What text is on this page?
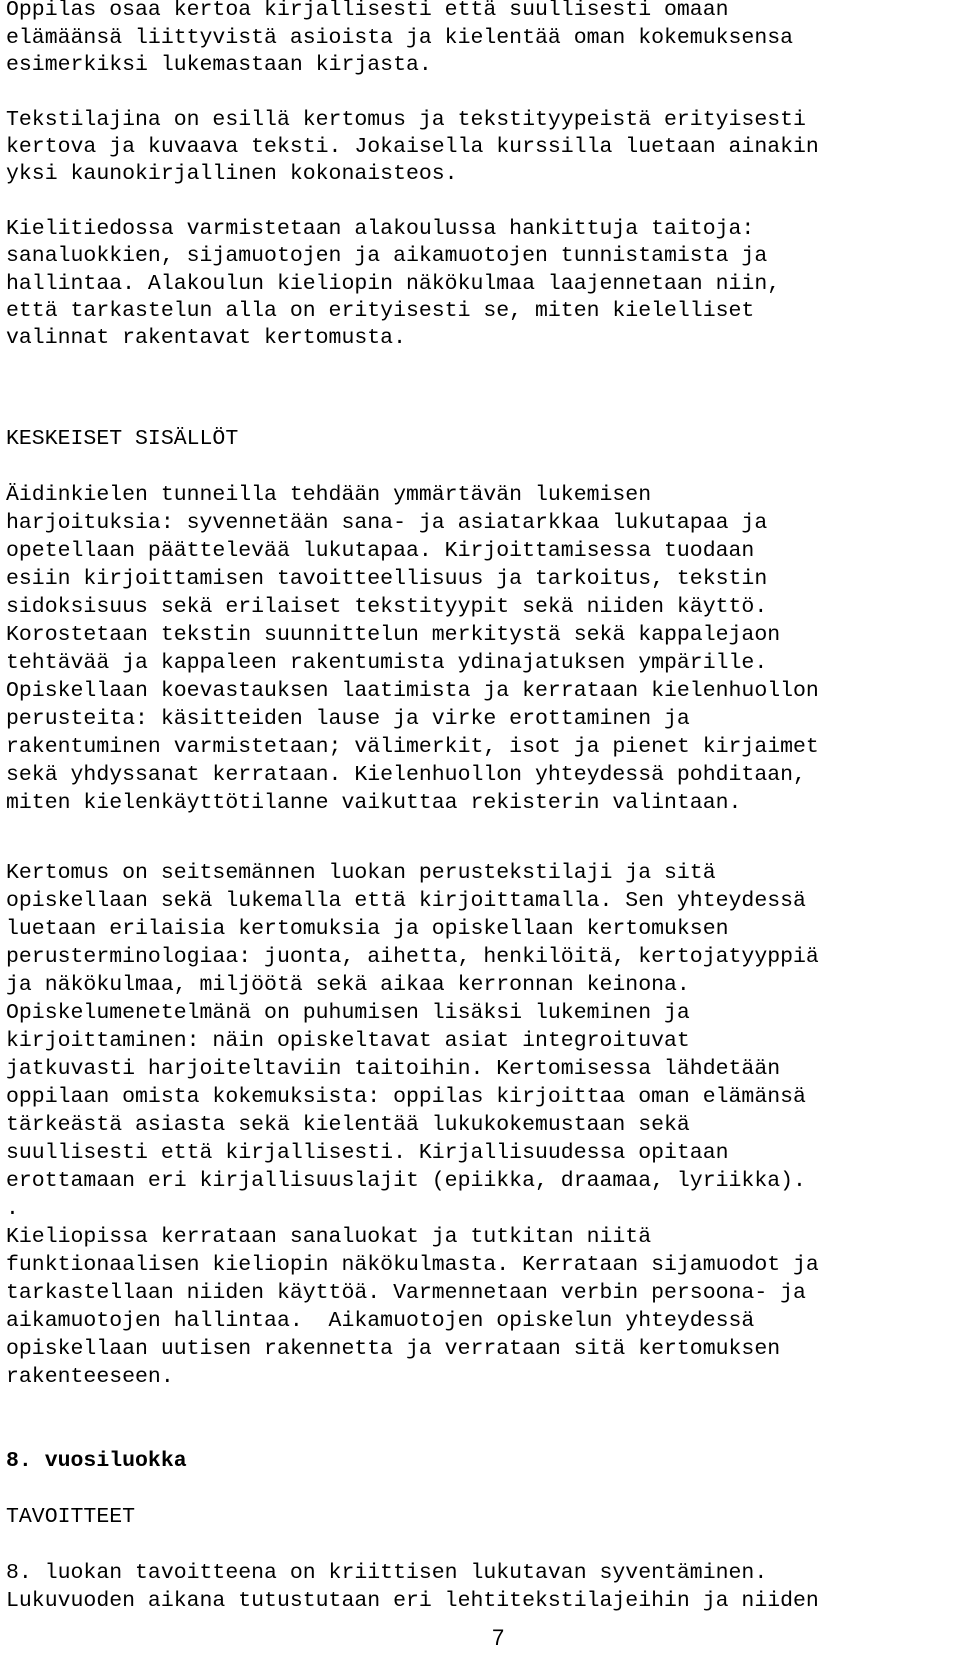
Oppilas osaa kertoa kirjallisesti että suullisesti omaan
elämäänsä liittyvistä asioista ja kielentää oman kokemuksensa
esimerkiksi lukemastaan kirjasta.
Tekstilajina on esillä kertomus ja tekstityypeistä erityisesti
kertova ja kuvaava teksti. Jokaisella kurssilla luetaan ainakin
yksi kaunokirjallinen kokonaisteos.
Kielitiedossa varmistetaan alakoulussa hankittuja taitoja:
sanaluokkien, sijamuotojen ja aikamuotojen tunnistamista ja
hallintaa. Alakoulun kieliopin näkökulmaa laajennetaan niin,
että tarkastelun alla on erityisesti se, miten kielelliset
valinnat rakentavat kertomusta.
KESKEISET SISÄLLÖT
Äidinkielen tunneilla tehdään ymmärtävän lukemisen
harjoituksia: syvennetään sana- ja asiatarkkaa lukutapaa ja
opetellaan päättelevää lukutapaa. Kirjoittamisessa tuodaan
esiin kirjoittamisen tavoitteellisuus ja tarkoitus, tekstin
sidoksisuus sekä erilaiset tekstityypit sekä niiden käyttö.
Korostetaan tekstin suunnittelun merkitystä sekä kappalejaon
tehtävää ja kappaleen rakentumista ydinajatuksen ympärille.
Opiskellaan koevastauksen laatimista ja kerrataan kielenhuollon
perusteita: käsitteiden lause ja virke erottaminen ja
rakentuminen varmistetaan; välimerkit, isot ja pienet kirjaimet
sekä yhdyssanat kerrataan. Kielenhuollon yhteydessä pohditaan,
miten kielenkäyttötilanne vaikuttaa rekisterin valintaan.
Kertomus on seitsemännen luokan perustekstilaji ja sitä
opiskellaan sekä lukemalla että kirjoittamalla. Sen yhteydessä
luetaan erilaisia kertomuksia ja opiskellaan kertomuksen
perusterminologiaa: juonta, aihetta, henkilöitä, kertojatyyppiä
ja näkökulmaa, miljöötä sekä aikaa kerronnan keinona.
Opiskelumenetelmänä on puhumisen lisäksi lukeminen ja
kirjoittaminen: näin opiskeltavat asiat integroituvat
jatkuvasti harjoiteltaviin taitoihin. Kertomisessa lähdetään
oppilaan omista kokemuksista: oppilas kirjoittaa oman elämänsä
tärkeästä asiasta sekä kielentää lukukokemustaan sekä
suullisesti että kirjallisesti. Kirjallisuudessa opitaan
erottamaan eri kirjallisuuslajit (epiikka, draamaa, lyriikka).
.
Kieliopissa kerrataan sanaluokat ja tutkitan niitä
funktionaalisen kieliopin näkökulmasta. Kerrataan sijamuodot ja
tarkastellaan niiden käyttöä. Varmennetaan verbin persoona- ja
aikamuotojen hallintaa.  Aikamuotojen opiskelun yhteydessä
opiskellaan uutisen rakennetta ja verrataan sitä kertomuksen
rakenteeseen.
8. vuosiluokka
TAVOITTEET
8. luokan tavoitteena on kriittisen lukutavan syventäminen.
Lukuvuoden aikana tutustutaan eri lehtitekstilajeihin ja niiden
7
